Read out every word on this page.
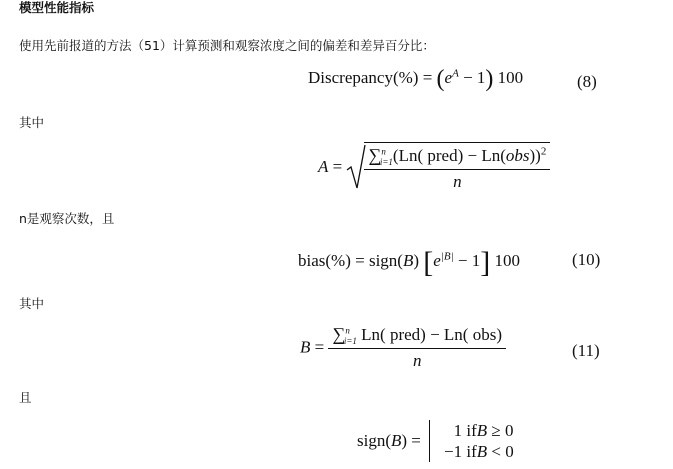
模型性能指标
使用先前报道的方法（51）计算预测和观察浓度之间的偏差和差异百分比：
其中
n是观察次数，且
其中
且
Discrepancy(%) = $(e^A - 1)$ 100	(8)
$A = \frac{\sum^n_{i=1}(Ln( pred) - Ln(obs))^2}{n}$
bias(%) = sign(B) $[e^{|B|} - 1]$ 100	(10)
$B = \frac{\sum^n_{i=1} Ln( pred) - Ln( obs)}{n}$	(11)
sign(B) =
1 ifB ≥ 0
−1 ifB < 0
